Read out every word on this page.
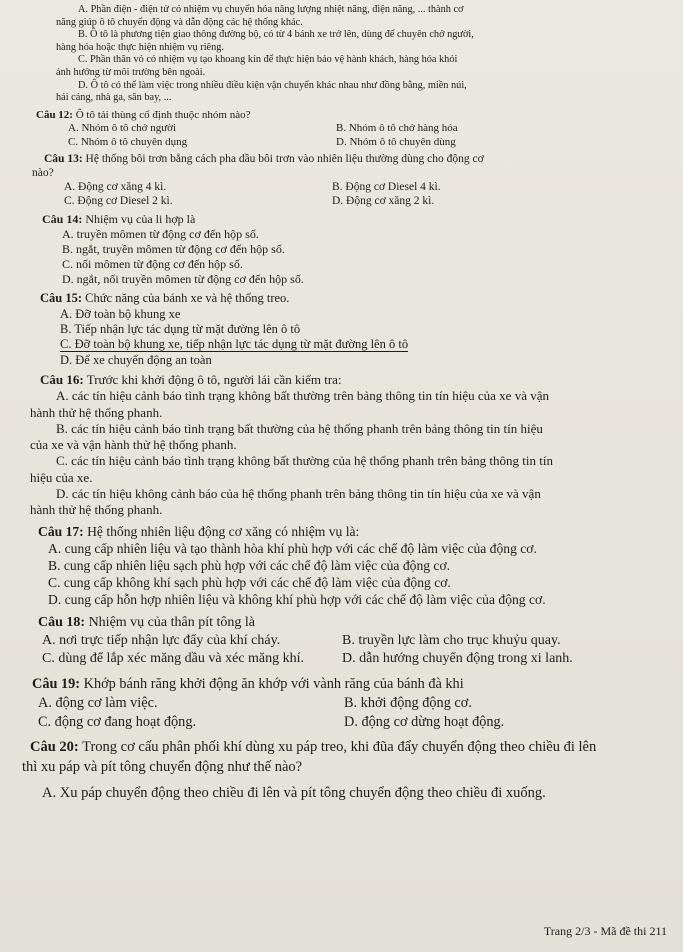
A. Phần điện - điện tử có nhiệm vụ chuyển hóa năng lượng nhiệt năng, điện năng, ... thành cơ

năng giúp ô tô chuyển động và dẫn động các hệ thống khác.

B. Ô tô là phương tiện giao thông đường bộ, có từ 4 bánh xe trở lên, dùng để chuyên chở người,

hàng hóa hoặc thực hiện nhiệm vụ riêng.

C. Phần thân vỏ có nhiệm vụ tạo khoang kín để thực hiện bảo vệ hành khách, hàng hóa khỏi

ảnh hưởng từ môi trường bên ngoài.

D. Ô tô có thể làm việc trong nhiều điều kiện vận chuyển khác nhau như đồng bằng, miền núi,

hải cảng, nhà ga, sân bay, ...

Câu 12: Ô tô tải thùng cố định thuộc nhóm nào?

A. Nhóm ô tô chở người	B. Nhóm ô tô chở hàng hóa
C. Nhóm ô tô chuyên dụng	D. Nhóm ô tô chuyên dùng

Câu 13: Hệ thống bôi trơn bằng cách pha dầu bôi trơn vào nhiên liệu thường dùng cho động cơ

nào?

A. Động cơ xăng 4 kì.	B. Động cơ Diesel 4 kì.
C. Động cơ Diesel 2 kì.	D. Động cơ xăng 2 kì.

Câu 14: Nhiệm vụ của li hợp là

A. truyền mômen từ động cơ đến hộp số.

B. ngắt, truyền mômen từ động cơ đến hộp số.

C. nối mômen từ động cơ đến hộp số.

D. ngắt, nối truyền mômen từ động cơ đến hộp số.

Câu 15: Chức năng của bánh xe và hệ thống treo.

A. Đỡ toàn bộ khung xe

B. Tiếp nhận lực tác dụng từ mặt đường lên ô tô

C. Đỡ toàn bộ khung xe, tiếp nhận lực tác dụng từ mặt đường lên ô tô

D. Để xe chuyển động an toàn

Câu 16: Trước khi khởi động ô tô, người lái cần kiểm tra:

A. các tín hiệu cảnh báo tình trạng không bất thường trên bảng thông tin tín hiệu của xe và vận

hành thử hệ thống phanh.

B. các tín hiệu cảnh báo tình trạng bất thường của hệ thống phanh trên bảng thông tin tín hiệu

của xe và vận hành thử hệ thống phanh.

C. các tín hiệu cảnh báo tình trạng không bất thường của hệ thống phanh trên bảng thông tin tín

hiệu của xe.

D. các tín hiệu không cảnh báo của hệ thống phanh trên bảng thông tin tín hiệu của xe và vận

hành thử hệ thống phanh.

Câu 17: Hệ thống nhiên liệu động cơ xăng có nhiệm vụ là:

A. cung cấp nhiên liệu và tạo thành hòa khí phù hợp với các chế độ làm việc của động cơ.

B. cung cấp nhiên liệu sạch phù hợp với các chế độ làm việc của động cơ.

C. cung cấp không khí sạch phù hợp với các chế độ làm việc của động cơ.

D. cung cấp hỗn hợp nhiên liệu và không khí phù hợp với các chế độ làm việc của động cơ.

Câu 18: Nhiệm vụ của thân pít tông là

A. nơi trực tiếp nhận lực đẩy của khí cháy.	B. truyền lực làm cho trục khuỷu quay.
C. dùng để lắp xéc măng dầu và xéc măng khí.	D. dẫn hướng chuyển động trong xi lanh.

Câu 19: Khớp bánh răng khởi động ăn khớp với vành răng của bánh đà khi

A. động cơ làm việc.	B. khởi động động cơ.
C. động cơ đang hoạt động.	D. động cơ dừng hoạt động.

Câu 20: Trong cơ cấu phân phối khí dùng xu páp treo, khi đũa đẩy chuyển động theo chiều đi lên

thì xu páp và pít tông chuyển động như thế nào?

A. Xu páp chuyển động theo chiều đi lên và pít tông chuyển động theo chiều đi xuống.

Trang 2/3 - Mã đề thi 211
